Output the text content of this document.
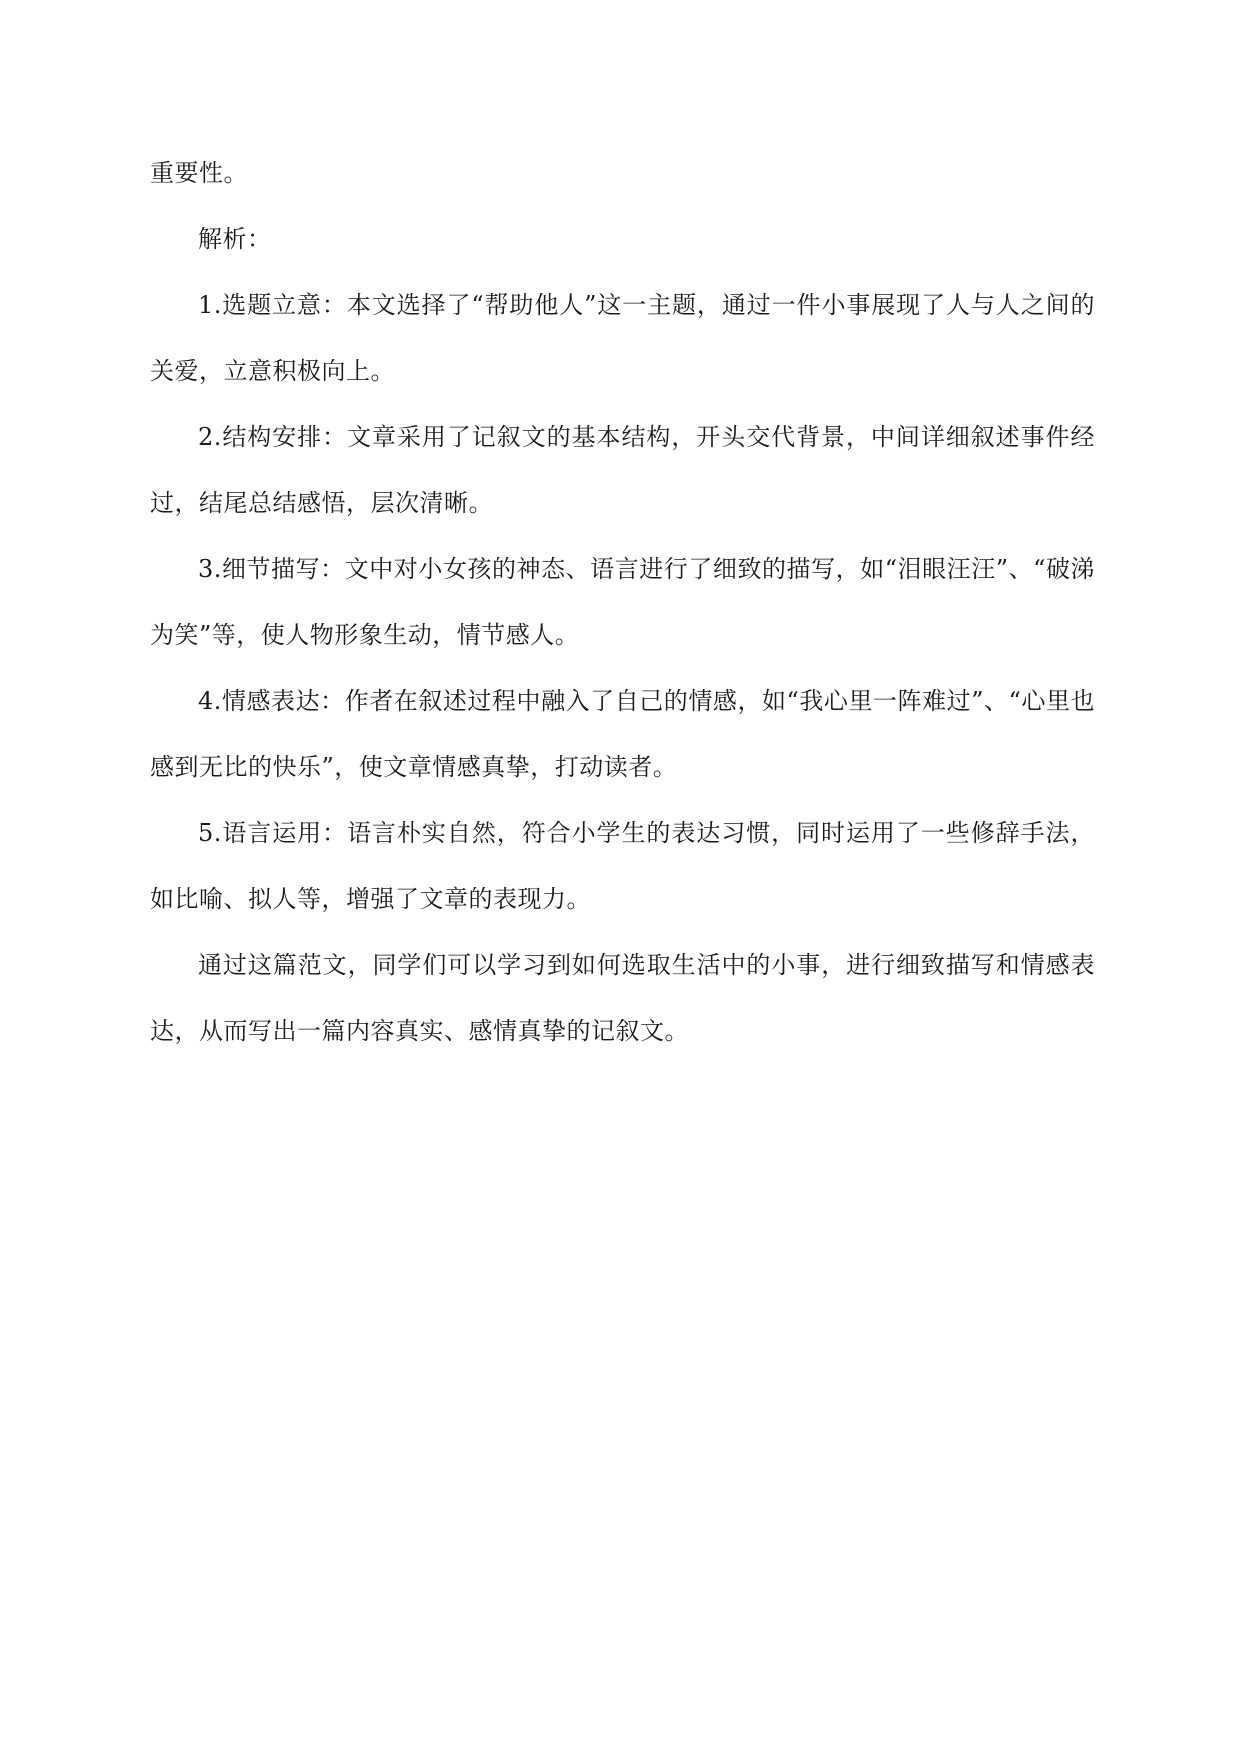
重要性。

解析：

1.选题立意：本文选择了“帮助他人”这一主题，通过一件小事展现了人与人之间的关爱，立意积极向上。

2.结构安排：文章采用了记叙文的基本结构，开头交代背景，中间详细叙述事件经过，结尾总结感悟，层次清晰。

3.细节描写：文中对小女孩的神态、语言进行了细致的描写，如“泪眼汪汪”、“破涕为笑”等，使人物形象生动，情节感人。

4.情感表达：作者在叙述过程中融入了自己的情感，如“我心里一阵难过”、“心里也感到无比的快乐”，使文章情感真挚，打动读者。

5.语言运用：语言朴实自然，符合小学生的表达习惯，同时运用了一些修辞手法，如比喻、拟人等，增强了文章的表现力。

通过这篇范文，同学们可以学习到如何选取生活中的小事，进行细致描写和情感表达，从而写出一篇内容真实、感情真挚的记叙文。
